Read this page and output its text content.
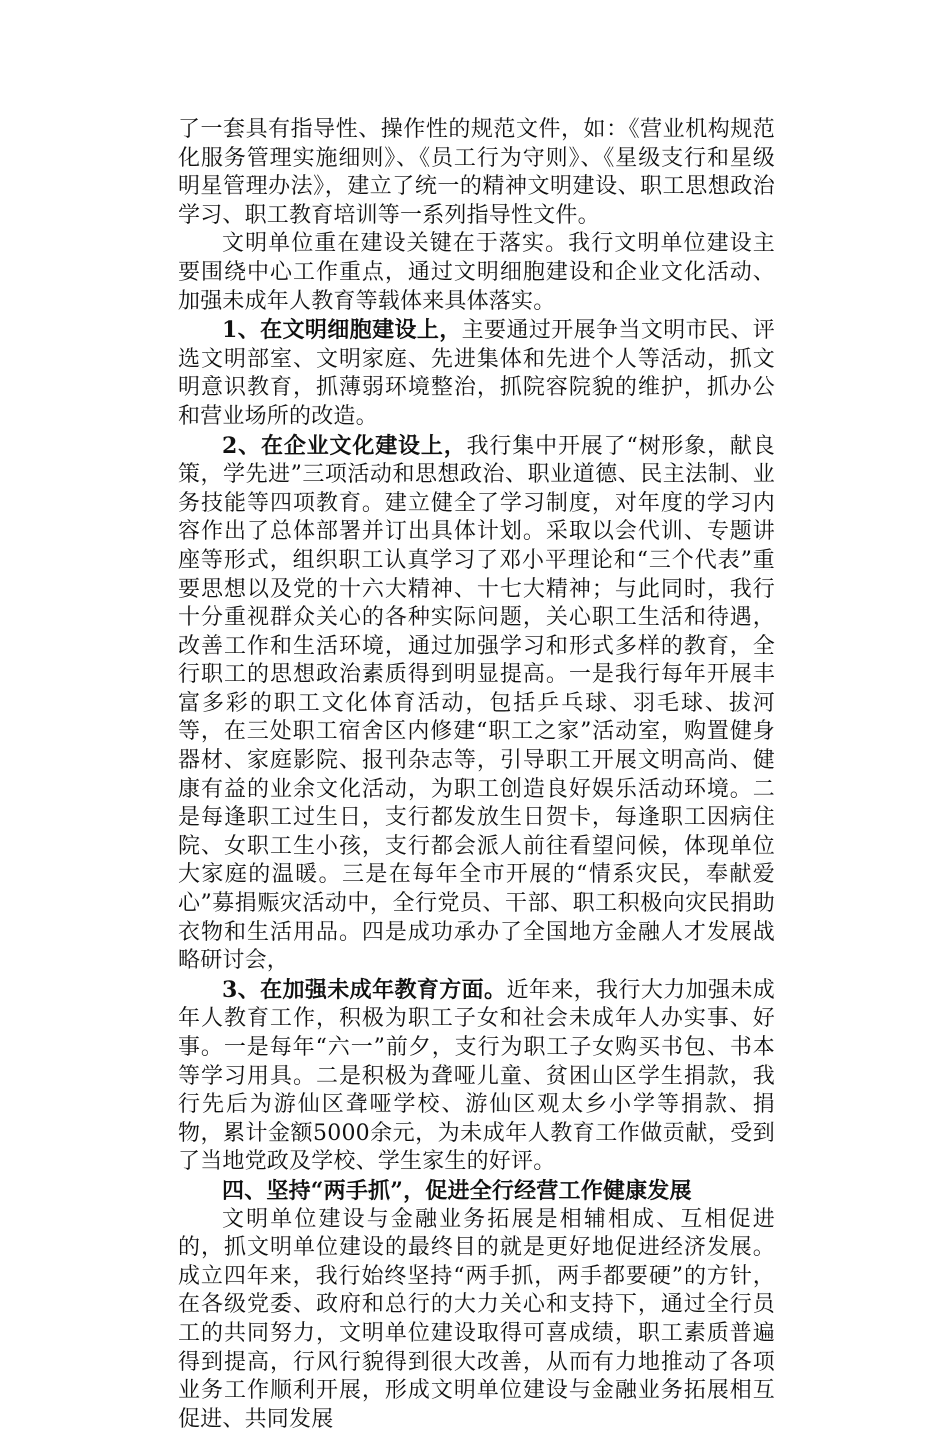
了一套具有指导性、操作性的规范文件，如：《营业机构规范化服务管理实施细则》、《员工行为守则》、《星级支行和星级明星管理办法》，建立了统一的精神文明建设、职工思想政治学习、职工教育培训等一系列指导性文件。

文明单位重在建设关键在于落实。我行文明单位建设主要围绕中心工作重点，通过文明细胞建设和企业文化活动、加强未成年人教育等载体来具体落实。

1、在文明细胞建设上，主要通过开展争当文明市民、评选文明部室、文明家庭、先进集体和先进个人等活动，抓文明意识教育，抓薄弱环境整治，抓院容院貌的维护，抓办公和营业场所的改造。

2、在企业文化建设上，我行集中开展了“树形象，献良策，学先进”三项活动和思想政治、职业道德、民主法制、业务技能等四项教育。建立健全了学习制度，对年度的学习内容作出了总体部署并订出具体计划。采取以会代训、专题讲座等形式，组织职工认真学习了邓小平理论和“三个代表”重要思想以及党的十六大精神、十七大精神；与此同时，我行十分重视群众关心的各种实际问题，关心职工生活和待遇，改善工作和生活环境，通过加强学习和形式多样的教育，全行职工的思想政治素质得到明显提高。一是我行每年开展丰富多彩的职工文化体育活动，包括乒乓球、羽毛球、拔河等，在三处职工宿舍区内修建“职工之家”活动室，购置健身器材、家庭影院、报刊杂志等，引导职工开展文明高尚、健康有益的业余文化活动，为职工创造良好娱乐活动环境。二是每逢职工过生日，支行都发放生日贺卡，每逢职工因病住院、女职工生小孩，支行都会派人前往看望问候，体现单位大家庭的温暖。三是在每年全市开展的“情系灾民，奉献爱心”募捐赈灾活动中，全行党员、干部、职工积极向灾民捐助衣物和生活用品。四是成功承办了全国地方金融人才发展战略研讨会，

3、在加强未成年教育方面。近年来，我行大力加强未成年人教育工作，积极为职工子女和社会未成年人办实事、好事。一是每年“六一”前夕，支行为职工子女购买书包、书本等学习用具。二是积极为聋哑儿童、贫困山区学生捐款，我行先后为游仙区聋哑学校、游仙区观太乡小学等捐款、捐物，累计金额5000余元，为未成年人教育工作做贡献，受到了当地党政及学校、学生家生的好评。

四、坚持“两手抓”，促进全行经营工作健康发展

文明单位建设与金融业务拓展是相辅相成、互相促进的，抓文明单位建设的最终目的就是更好地促进经济发展。成立四年来，我行始终坚持“两手抓，两手都要硬”的方针，在各级党委、政府和总行的大力关心和支持下，通过全行员工的共同努力，文明单位建设取得可喜成绩，职工素质普遍得到提高，行风行貌得到很大改善，从而有力地推动了各项业务工作顺利开展，形成文明单位建设与金融业务拓展相互促进、共同发展
